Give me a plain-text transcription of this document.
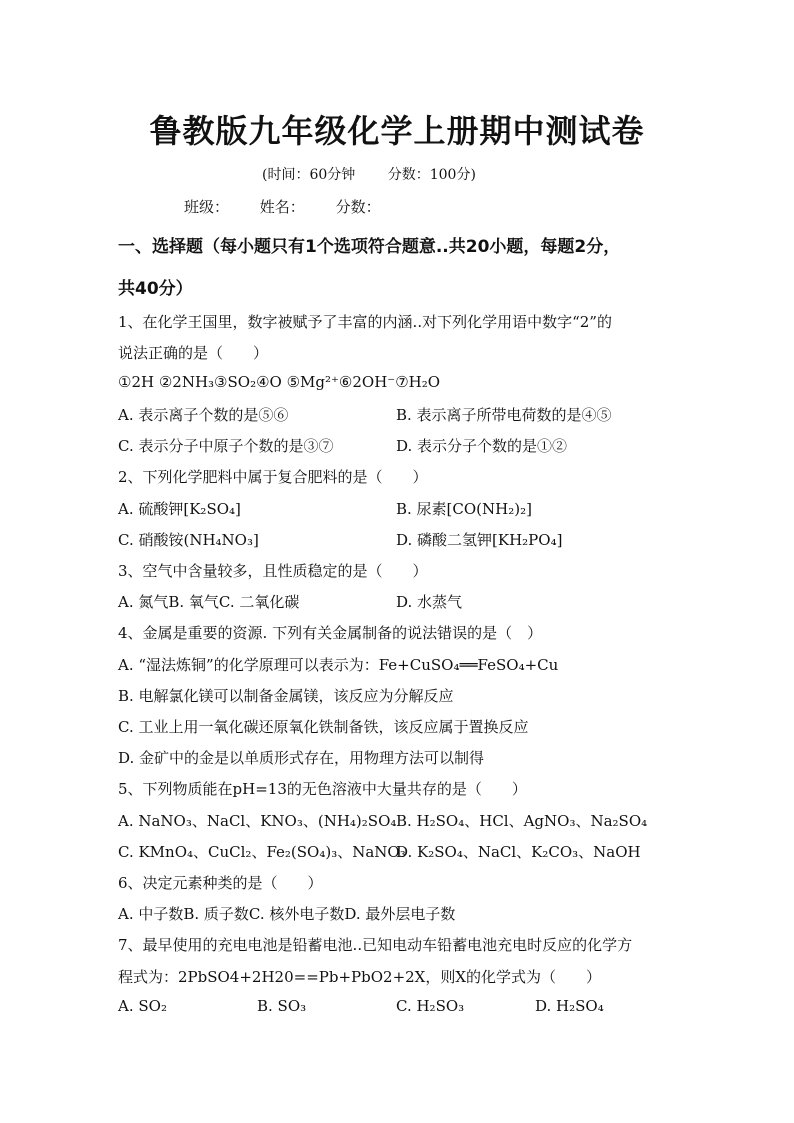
鲁教版九年级化学上册期中测试卷
(时间：60分钟 分数：100分)
班级： 姓名： 分数：
一、选择题（每小题只有1个选项符合题意..共20小题，每题2分，
共40分）
1、在化学王国里，数字被赋予了丰富的内涵..对下列化学用语中数字“2”的
说法正确的是（　　）
①2H ②2NH₃③SO₂④O ⑤Mg²⁺⑥2OH⁻⑦H₂O
A. 表示离子个数的是⑤⑥	B. 表示离子所带电荷数的是④⑤
C. 表示分子中原子个数的是③⑦	D. 表示分子个数的是①②
2、下列化学肥料中属于复合肥料的是（　　）
A. 硫酸钾[K₂SO₄]	B. 尿素[CO(NH₂)₂]
C. 硝酸铵(NH₄NO₃]	D. 磷酸二氢钾[KH₂PO₄]
3、空气中含量较多，且性质稳定的是（　　）
A. 氮气B. 氧气C. 二氧化碳	D. 水蒸气
4、金属是重要的资源. 下列有关金属制备的说法错误的是（　）
A. “湿法炼铜”的化学原理可以表示为：Fe+CuSO₄══FeSO₄+Cu
B. 电解氯化镁可以制备金属镁，该反应为分解反应
C. 工业上用一氧化碳还原氧化铁制备铁，该反应属于置换反应
D. 金矿中的金是以单质形式存在，用物理方法可以制得
5、下列物质能在pH=13的无色溶液中大量共存的是（　　）
A. NaNO₃、NaCl、KNO₃、(NH₄)₂SO₄ B. H₂SO₄、HCl、AgNO₃、Na₂SO₄
C. KMnO₄、CuCl₂、Fe₂(SO₄)₃、NaNO₃
D. K₂SO₄、NaCl、K₂CO₃、NaOH
6、决定元素种类的是（　　）
A. 中子数B. 质子数C. 核外电子数D. 最外层电子数
7、最早使用的充电电池是铅蓄电池..已知电动车铅蓄电池充电时反应的化学方
程式为：2PbSO4+2H20==Pb+PbO2+2X，则X的化学式为（　　）
A. SO₂	B. SO₃	C. H₂SO₃	D. H₂SO₄
